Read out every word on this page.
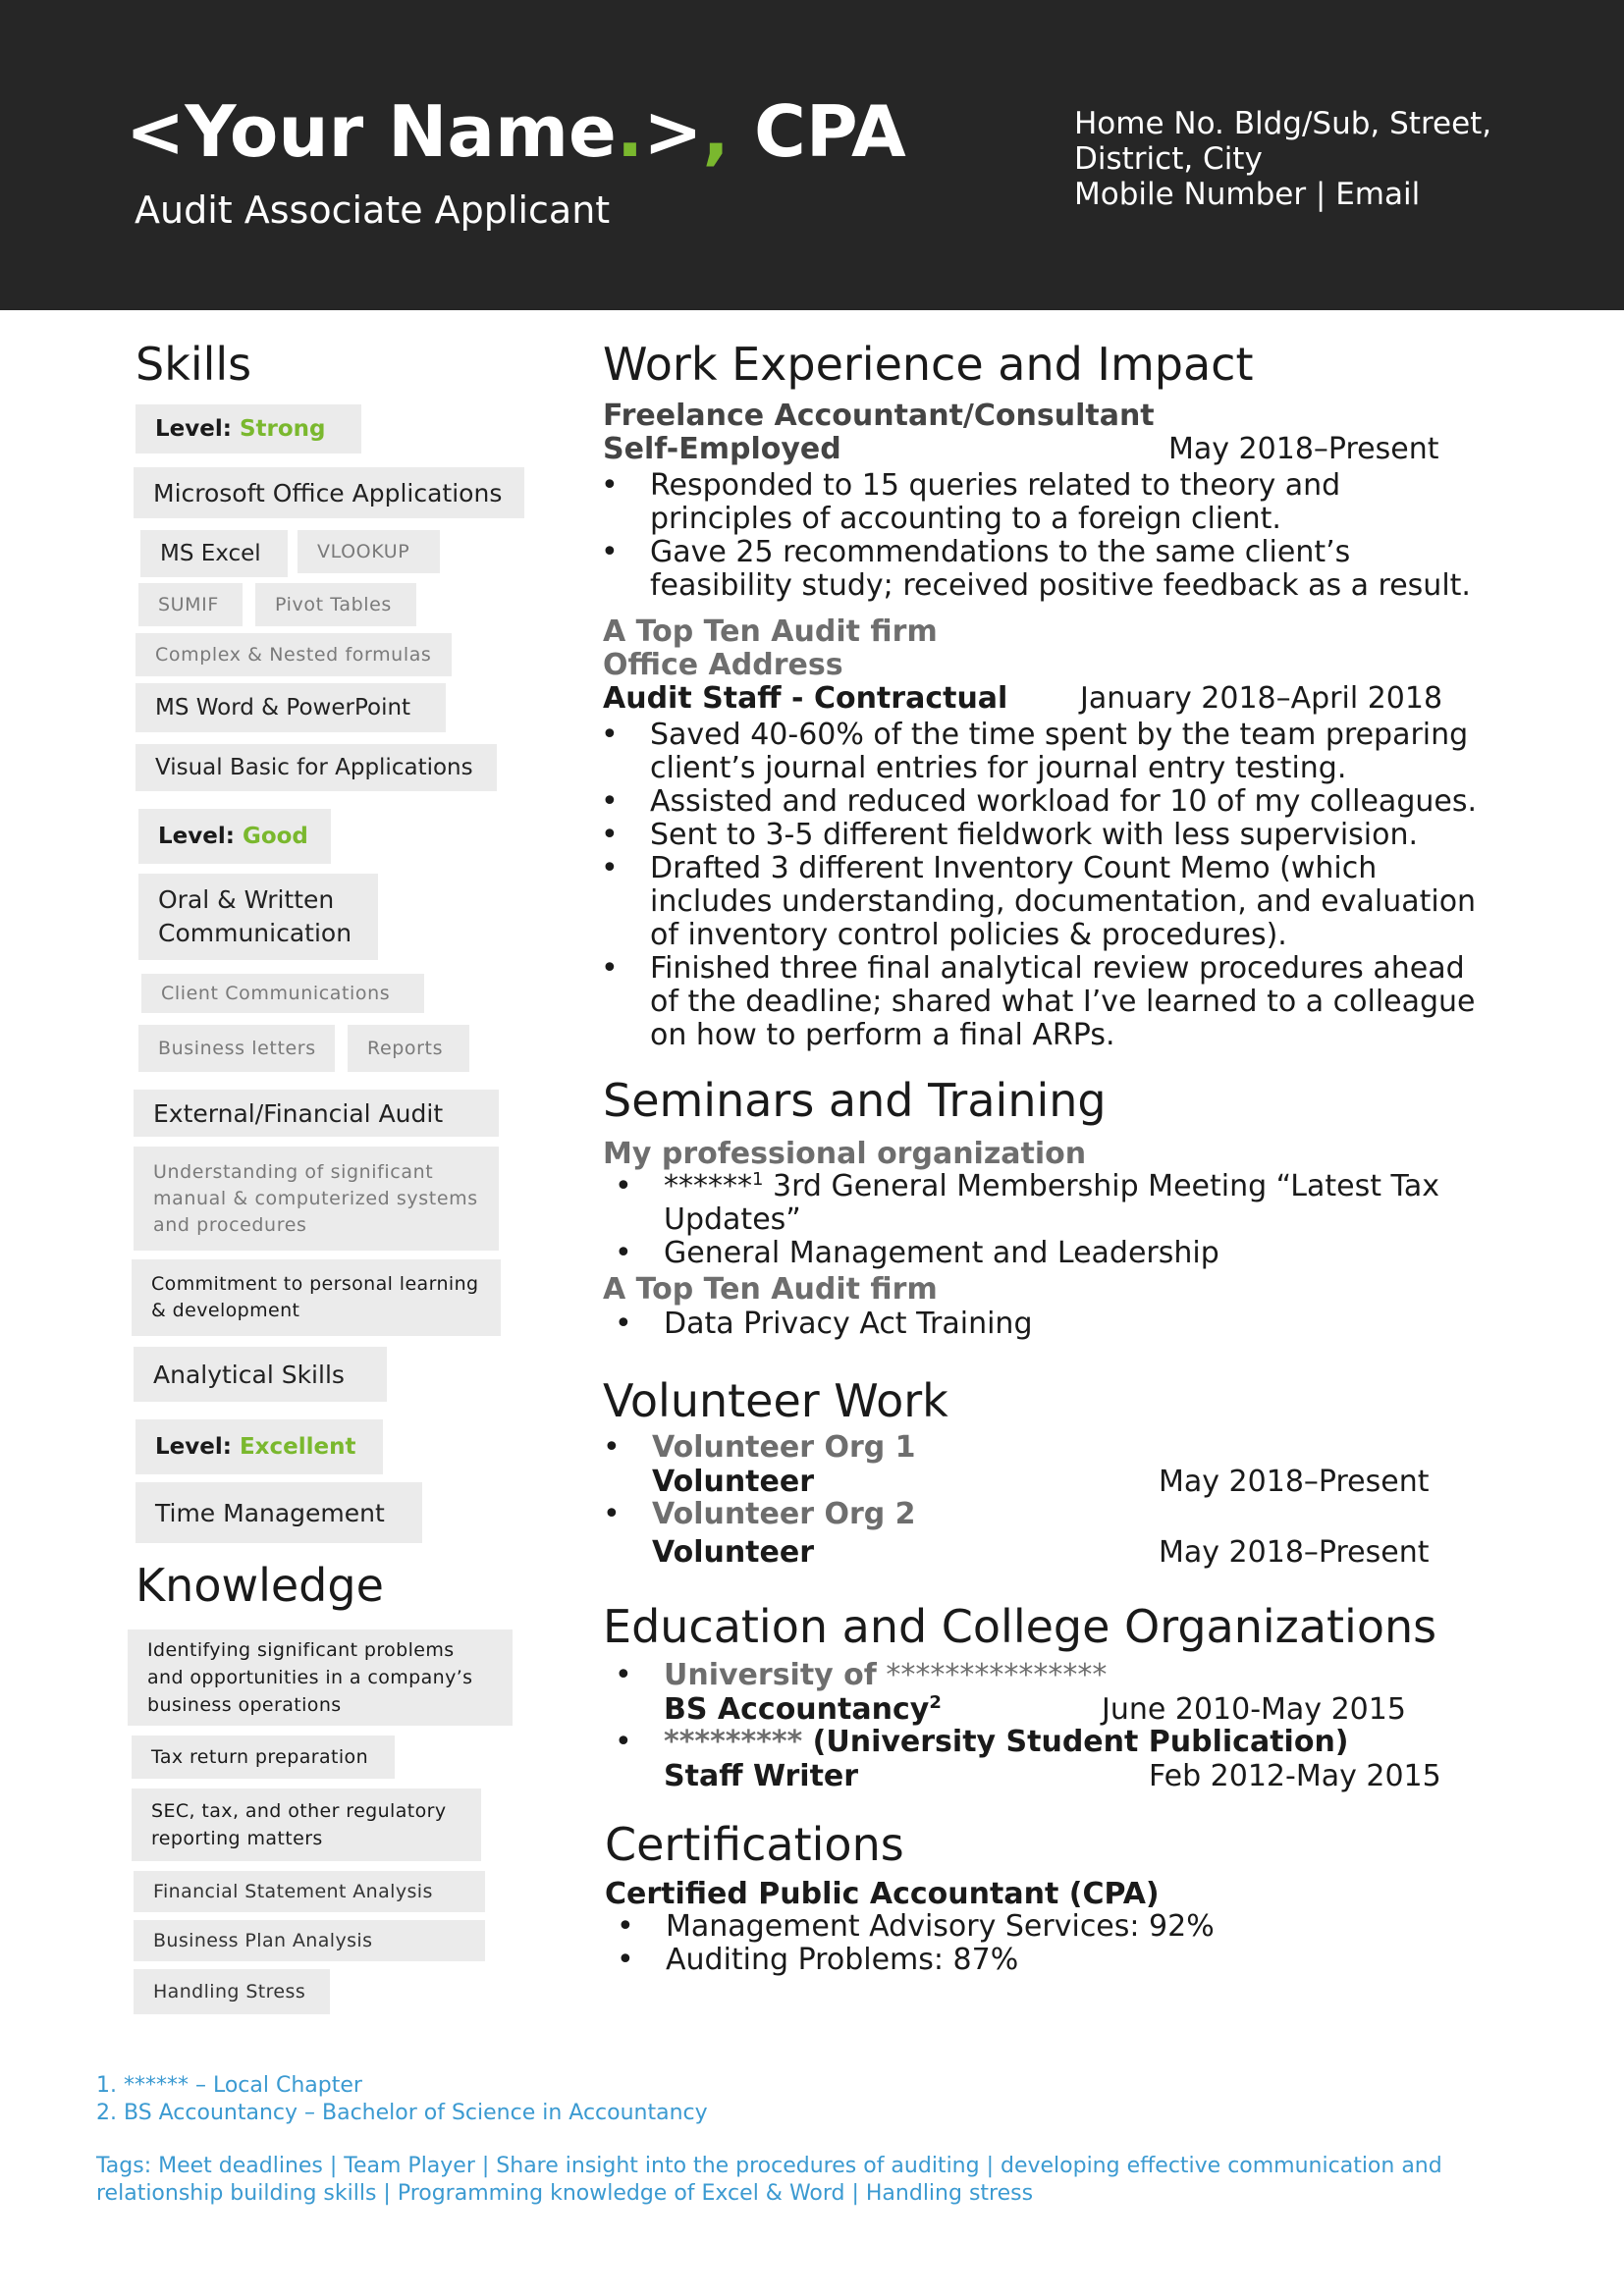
<Your Name.>, CPA
Audit Associate Applicant
Home No. Bldg/Sub, Street,
District, City
Mobile Number | Email
Skills
Level:
Strong
Microsoft Office Applications
MS Excel	VLOOKUP
SUMIF	Pivot Tables
Complex & Nested formulas
MS Word & PowerPoint
Visual Basic for Applications
Level:
Good
Oral & Written
Communication
Client Communications
Business letters	Reports
External/Financial Audit
Understanding of significant
manual & computerized systems
and procedures
Commitment to personal learning
& development
Analytical Skills
Level:
Excellent
Time Management
Knowledge
Identifying significant problems
and opportunities in a company’s
business operations
Tax return preparation
SEC, tax, and other regulatory
reporting matters
Financial Statement Analysis
Business Plan Analysis
Handling Stress
Work Experience and Impact
Freelance Accountant/Consultant
Self-Employed	May 2018–Present
• Responded to 15 queries related to theory and
principles of accounting to a foreign client.
• Gave 25 recommendations to the same client’s
feasibility study; received positive feedback as a result.
A Top Ten Audit firm
Office Address
Audit Staff - Contractual January 2018–April 2018
• Saved 40-60% of the time spent by the team preparing
client’s journal entries for journal entry testing.
• Assisted and reduced workload for 10 of my colleagues.
• Sent to 3-5 different fieldwork with less supervision.
• Drafted 3 different Inventory Count Memo (which
includes understanding, documentation, and evaluation
of inventory control policies & procedures).
• Finished three final analytical review procedures ahead
of the deadline; shared what I’ve learned to a colleague
on how to perform a final ARPs.
Seminars and Training
My professional organization
• ******$^1$ 3rd General Membership Meeting “Latest Tax
Updates”
• General Management and Leadership
A Top Ten Audit firm
• Data Privacy Act Training
Volunteer Work
• Volunteer Org 1
Volunteer	May 2018–Present
• Volunteer Org 2
Volunteer	May 2018–Present
Education and College Organizations
• University of ***************
BS Accountancy$^2$	June 2010-May 2015
• ********* (University Student Publication)
Staff Writer	Feb 2012-May 2015
Certifications
Certified Public Accountant (CPA)
• Management Advisory Services: 92%
• Auditing Problems: 87%
1. ****** – Local Chapter
2. BS Accountancy – Bachelor of Science in Accountancy
Tags: Meet deadlines | Team Player | Share insight into the procedures of auditing | developing effective communication and
relationship building skills | Programming knowledge of Excel & Word | Handling stress
